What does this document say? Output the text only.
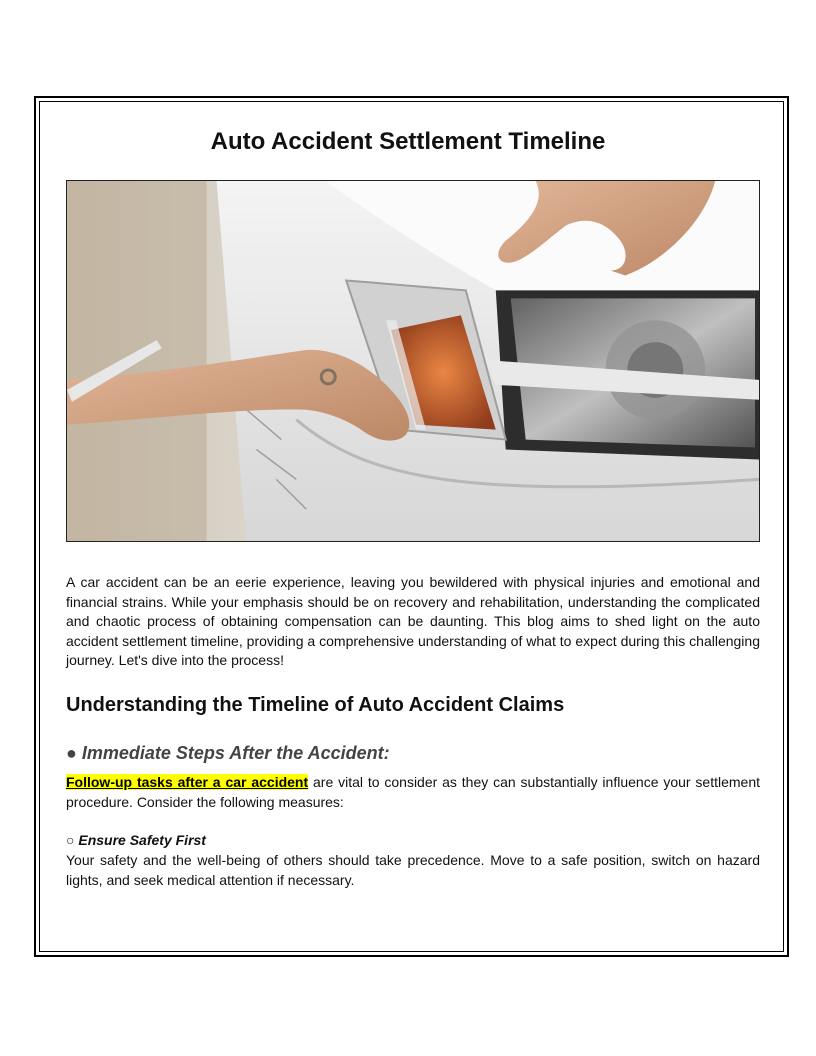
Auto Accident Settlement Timeline

A car accident can be an eerie experience, leaving you bewildered with physical injuries and emotional and financial strains. While your emphasis should be on recovery and rehabilitation, understanding the complicated and chaotic process of obtaining compensation can be daunting. This blog aims to shed light on the auto accident settlement timeline, providing a comprehensive understanding of what to expect during this challenging journey. Let's dive into the process!

Understanding the Timeline of Auto Accident Claims
● Immediate Steps After the Accident:

Follow-up tasks after a car accident are vital to consider as they can substantially influence your settlement procedure. Consider the following measures:

○ Ensure Safety First

Your safety and the well-being of others should take precedence. Move to a safe position, switch on hazard lights, and seek medical attention if necessary.
